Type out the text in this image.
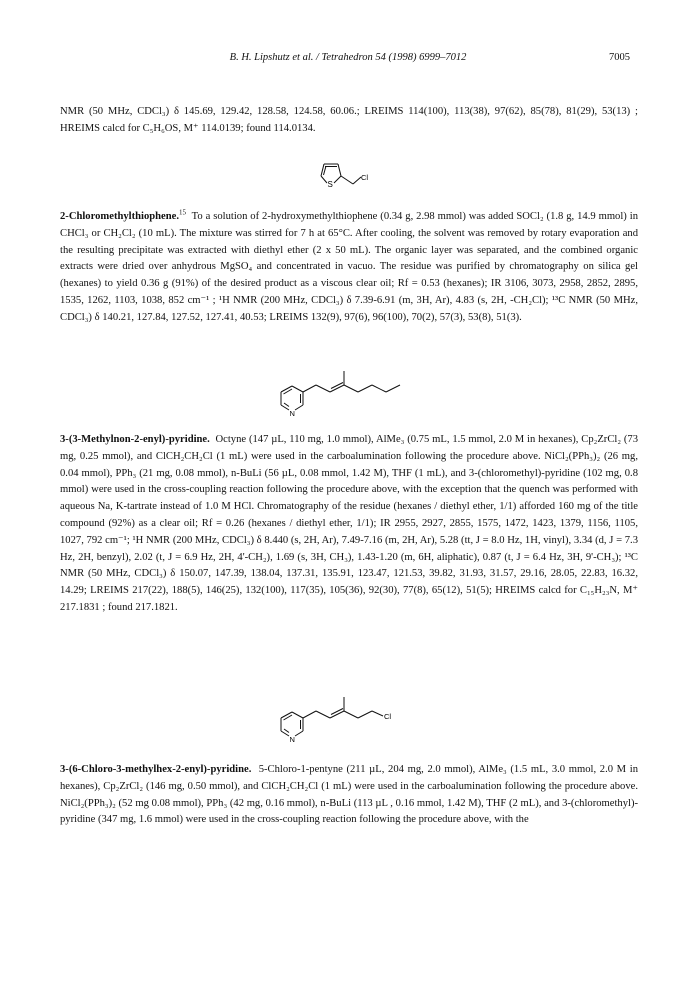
B. H. Lipshutz et al. / Tetrahedron 54 (1998) 6999–7012	7005

NMR (50 MHz, CDCl₃) δ 145.69, 129.42, 128.58, 124.58, 60.06.; LREIMS 114(100), 113(38), 97(62), 85(78), 81(29), 53(13) ; HREIMS calcd for C₅H₆OS, M⁺ 114.0139; found 114.0134.

S
Cl

2-Chloromethylthiophene.$^{15}$ To a solution of 2-hydroxymethylthiophene (0.34 g, 2.98 mmol) was added SOCl₂ (1.8 g, 14.9 mmol) in CHCl₃ or CH₂Cl₂ (10 mL). The mixture was stirred for 7 h at 65°C. After cooling, the solvent was removed by rotary evaporation and the resulting precipitate was extracted with diethyl ether (2 x 50 mL). The organic layer was separated, and the combined organic extracts were dried over anhydrous MgSO₄ and concentrated in vacuo. The residue was purified by chromatography on silica gel (hexanes) to yield 0.36 g (91%) of the desired product as a viscous clear oil; Rf = 0.53 (hexanes); IR 3106, 3073, 2958, 2852, 2895, 1535, 1262, 1103, 1038, 852 cm⁻¹ ; ¹H NMR (200 MHz, CDCl₃) δ 7.39-6.91 (m, 3H, Ar), 4.83 (s, 2H, -CH₂Cl); ¹³C NMR (50 MHz, CDCl₃) δ 140.21, 127.84, 127.52, 127.41, 40.53; LREIMS 132(9), 97(6), 96(100), 70(2), 57(3), 53(8), 51(3).

N

3-(3-Methylnon-2-enyl)-pyridine. Octyne (147 µL, 110 mg, 1.0 mmol), AlMe₃ (0.75 mL, 1.5 mmol, 2.0 M in hexanes), Cp₂ZrCl₂ (73 mg, 0.25 mmol), and ClCH₂CH₂Cl (1 mL) were used in the carboalumination following the procedure above. NiCl₂(PPh₃)₂ (26 mg, 0.04 mmol), PPh₃ (21 mg, 0.08 mmol), n-BuLi (56 µL, 0.08 mmol, 1.42 M), THF (1 mL), and 3-(chloromethyl)-pyridine (102 mg, 0.8 mmol) were used in the cross-coupling reaction following the procedure above, with the exception that the quench was performed with aqueous Na, K-tartrate instead of 1.0 M HCl. Chromatography of the residue (hexanes / diethyl ether, 1/1) afforded 160 mg of the title compound (92%) as a clear oil; Rf = 0.26 (hexanes / diethyl ether, 1/1); IR 2955, 2927, 2855, 1575, 1472, 1423, 1379, 1156, 1105, 1027, 792 cm⁻¹; ¹H NMR (200 MHz, CDCl₃) δ 8.440 (s, 2H, Ar), 7.49-7.16 (m, 2H, Ar), 5.28 (tt, J = 8.0 Hz, 1H, vinyl), 3.34 (d, J = 7.3 Hz, 2H, benzyl), 2.02 (t, J = 6.9 Hz, 2H, 4'-CH₂), 1.69 (s, 3H, CH₃), 1.43-1.20 (m, 6H, aliphatic), 0.87 (t, J = 6.4 Hz, 3H, 9'-CH₃); ¹³C NMR (50 MHz, CDCl₃) δ 150.07, 147.39, 138.04, 137.31, 135.91, 123.47, 121.53, 39.82, 31.93, 31.57, 29.16, 28.05, 22.83, 16.32, 14.29; LREIMS 217(22), 188(5), 146(25), 132(100), 117(35), 105(36), 92(30), 77(8), 65(12), 51(5); HREIMS calcd for C₁₅H₂₃N, M⁺ 217.1831 ; found 217.1821.

N
Cl

3-(6-Chloro-3-methylhex-2-enyl)-pyridine. 5-Chloro-1-pentyne (211 µL, 204 mg, 2.0 mmol), AlMe₃ (1.5 mL, 3.0 mmol, 2.0 M in hexanes), Cp₂ZrCl₂ (146 mg, 0.50 mmol), and ClCH₂CH₂Cl (1 mL) were used in the carboalumination following the procedure above. NiCl₂(PPh₃)₂ (52 mg 0.08 mmol), PPh₃ (42 mg, 0.16 mmol), n-BuLi (113 µL , 0.16 mmol, 1.42 M), THF (2 mL), and 3-(chloromethyl)-pyridine (347 mg, 1.6 mmol) were used in the cross-coupling reaction following the procedure above, with the
